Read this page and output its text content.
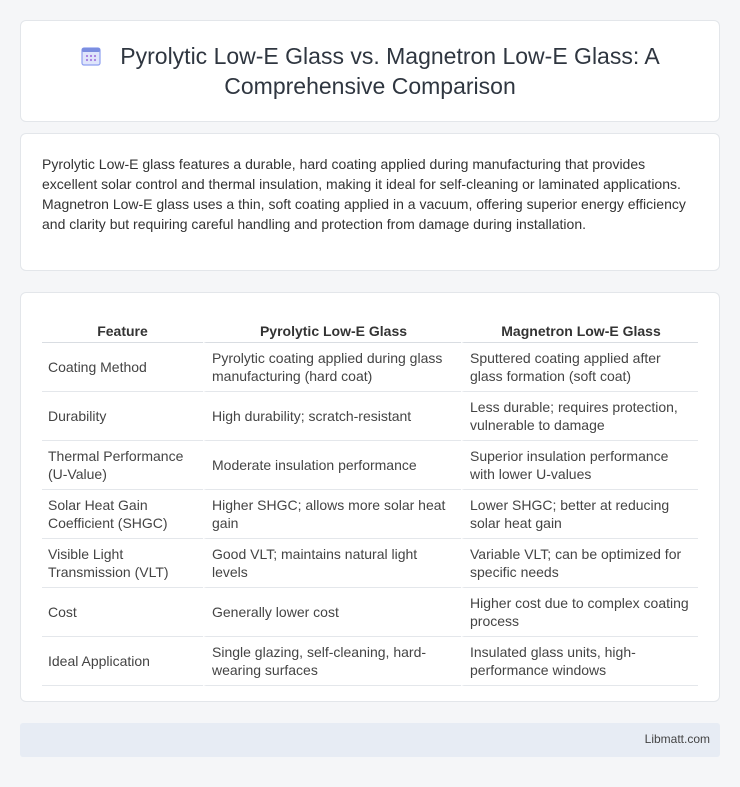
Pyrolytic Low-E Glass vs. Magnetron Low-E Glass: A Comprehensive Comparison

Pyrolytic Low-E glass features a durable, hard coating applied during manufacturing that provides excellent solar control and thermal insulation, making it ideal for self-cleaning or laminated applications. Magnetron Low-E glass uses a thin, soft coating applied in a vacuum, offering superior energy efficiency and clarity but requiring careful handling and protection from damage during installation.

Feature	Pyrolytic Low-E Glass	Magnetron Low-E Glass
Coating Method	Pyrolytic coating applied during glass manufacturing (hard coat)	Sputtered coating applied after glass formation (soft coat)
Durability	High durability; scratch-resistant	Less durable; requires protection, vulnerable to damage
Thermal Performance (U-Value)	Moderate insulation performance	Superior insulation performance with lower U-values
Solar Heat Gain Coefficient (SHGC)	Higher SHGC; allows more solar heat gain	Lower SHGC; better at reducing solar heat gain
Visible Light Transmission (VLT)	Good VLT; maintains natural light levels	Variable VLT; can be optimized for specific needs
Cost	Generally lower cost	Higher cost due to complex coating process
Ideal Application	Single glazing, self-cleaning, hard-wearing surfaces	Insulated glass units, high-performance windows
Libmatt.com
